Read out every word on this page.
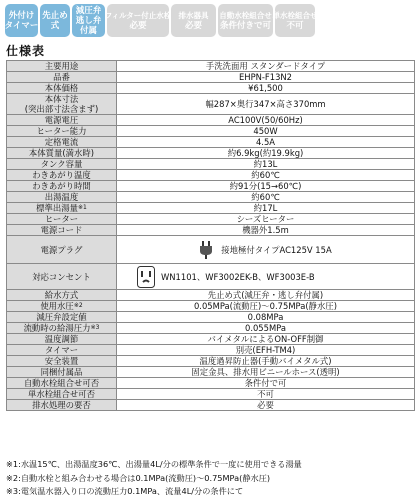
外付け
タイマー
先止め
式
減圧弁
逃し弁
付属
フィルター付止水栓
必要
排水器具
必要
自動水栓組合せ
条件付きで可
単水栓組合せ
不可
仕様表
主要用途	手洗洗面用 スタンダードタイプ
品番	EHPN-F13N2
本体価格	¥61,500
本体寸法
(突出部寸法含まず)	幅287×奥行347×高さ370mm
電源電圧	AC100V(50/60Hz)
ヒーター能力	450W
定格電流	4.5A
本体質量(満水時)	約6.9kg(約19.9kg)
タンク容量	約13L
わきあがり温度	約60℃
わきあがり時間	約91分(15→60℃)
出湯温度	約60℃
標準出湯量$^{※1}$	約17L
ヒーター	シーズヒーター
電源コード	機器外1.5m
電源プラグ	接地極付タイプAC125V 15A

対応コンセント	WN1101、WF3002EK-B、WF3003E-B

給水方式	先止め式(減圧弁・逃し弁付属)
使用水圧$^{※2}$	0.05MPa(流動圧)〜0.75MPa(静水圧)
減圧弁設定値	0.08MPa
流動時の給湯圧力$^{※3}$	0.055MPa
温度調節	バイメタルによるON-OFF制御
タイマー	別売(EFH-TM4)
安全装置	温度過昇防止器(手動バイメタル式)
同梱付属品	固定金具、排水用ビニールホース(透明)
自動水栓組合せ可否	条件付で可
単水栓組合せ可否	不可
排水処理の要否	必要
※1:水温15℃、出湯温度36℃、出湯量4L/分の標準条件で一度に使用できる湯量
※2:自動水栓と組み合わせる場合は0.1MPa(流動圧)〜0.75MPa(静水圧)
※3:電気温水器入り口の流動圧力0.1MPa、流量4L/分の条件にて
